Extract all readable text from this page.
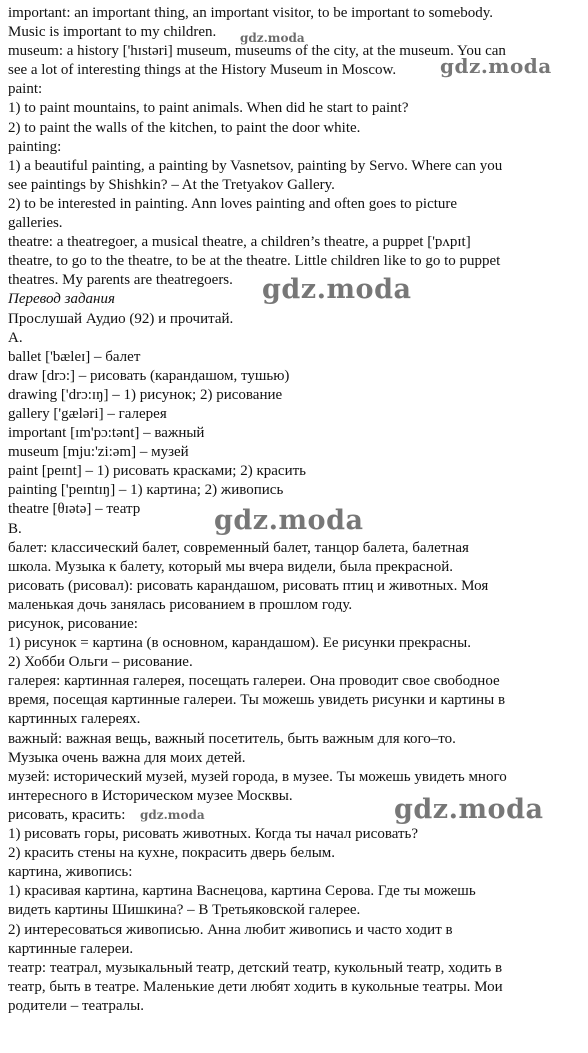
important: an important thing, an important visitor, to be important to somebody.
Music is important to my children.
museum: a history ['hɪstəri] museum, museums of the city, at the museum. You can
see a lot of interesting things at the History Museum in Moscow.
paint:
1) to paint mountains, to paint animals. When did he start to paint?
2) to paint the walls of the kitchen, to paint the door white.
painting:
1) a beautiful painting, a painting by Vasnetsov, painting by Servo. Where can you
see paintings by Shishkin? – At the Tretyakov Gallery.
2) to be interested in painting. Ann loves painting and often goes to picture
galleries.
theatre: a theatregoer, a musical theatre, a children’s theatre, a puppet ['pʌpɪt]
theatre, to go to the theatre, to be at the theatre. Little children like to go to puppet
theatres. My parents are theatregoers.
Перевод задания
Прослушай Аудио (92) и прочитай.
A.
ballet ['bæleɪ] – балет
draw [drɔ:] – рисовать (карандашом, тушью)
drawing ['drɔ:ɪŋ] – 1) рисунок; 2) рисование
gallery ['gæləri] – галерея
important [ɪm'pɔ:tənt] – важный
museum [mju:'zi:əm] – музей
paint [peɪnt] – 1) рисовать красками; 2) красить
painting ['peɪntɪŋ] – 1) картина; 2) живопись
theatre [θɪətə] – театр
B.
балет: классический балет, современный балет, танцор балета, балетная
школа. Музыка к балету, который мы вчера видели, была прекрасной.
рисовать (рисовал): рисовать карандашом, рисовать птиц и животных. Моя
маленькая дочь занялась рисованием в прошлом году.
рисунок, рисование:
1) рисунок = картина (в основном, карандашом). Ее рисунки прекрасны.
2) Хобби Ольги – рисование.
галерея: картинная галерея, посещать галереи. Она проводит свое свободное
время, посещая картинные галереи. Ты можешь увидеть рисунки и картины в
картинных галереях.
важный: важная вещь, важный посетитель, быть важным для кого–то.
Музыка очень важна для моих детей.
музей: исторический музей, музей города, в музее. Ты можешь увидеть много
интересного в Историческом музее Москвы.
рисовать, красить:
1) рисовать горы, рисовать животных. Когда ты начал рисовать?
2) красить стены на кухне, покрасить дверь белым.
картина, живопись:
1) красивая картина, картина Васнецова, картина Серова. Где ты можешь
видеть картины Шишкина? – В Третьяковской галерее.
2) интересоваться живописью. Анна любит живопись и часто ходит в
картинные галереи.
театр: театрал, музыкальный театр, детский театр, кукольный театр, ходить в
театр, быть в театре. Маленькие дети любят ходить в кукольные театры. Мои
родители – театралы.
gdz.moda
gdz.moda
gdz.moda
gdz.moda
gdz.moda
gdz.moda
